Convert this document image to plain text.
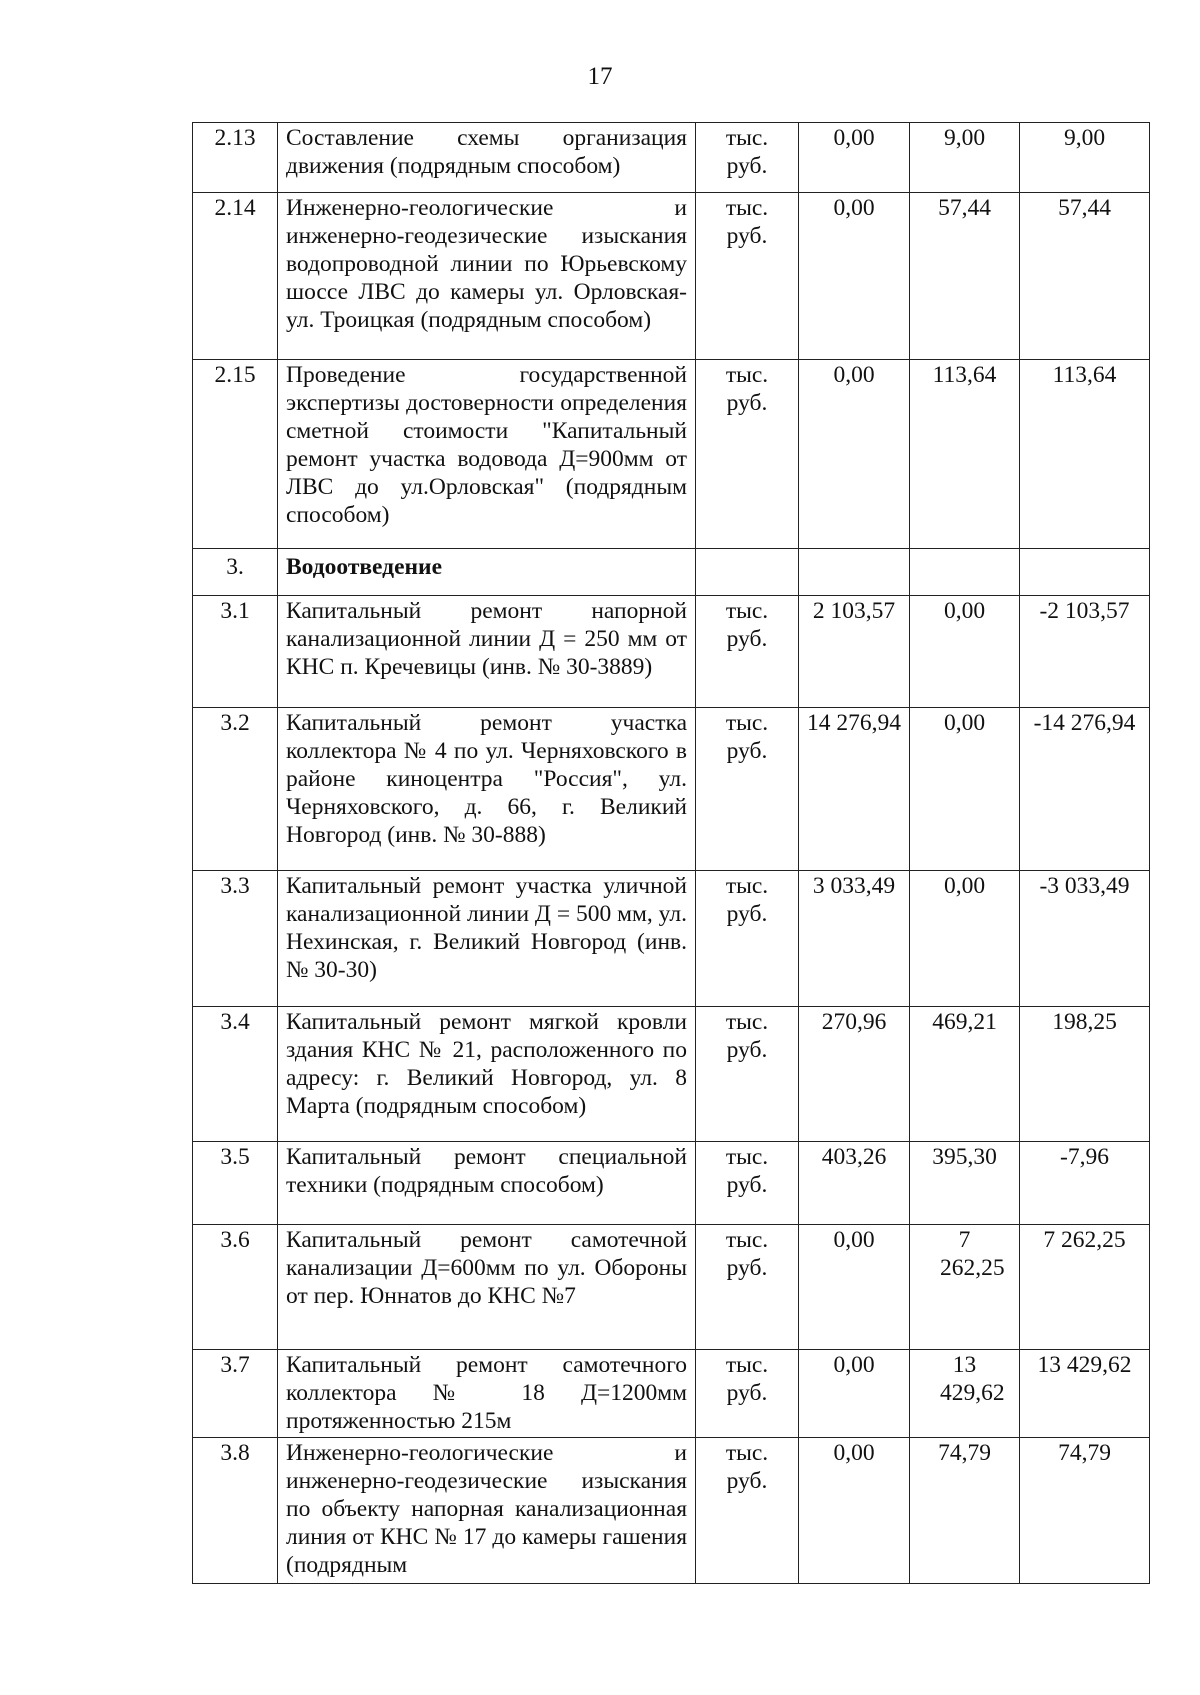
17
2.13	Составление схемы организация движения (подрядным способом)	тыс. руб.	0,00	9,00	9,00
2.14	Инженерно-геологические и инженерно-геодезические изыскания водопроводной линии по Юрьевскому шоссе ЛВС до камеры ул. Орловская-ул. Троицкая (подрядным способом)	тыс. руб.	0,00	57,44	57,44
2.15	Проведение государственной экспертизы достоверности определения сметной стоимости "Капитальный ремонт участка водовода Д=900мм от ЛВС до ул.Орловская" (подрядным способом)	тыс. руб.	0,00	113,64	113,64
3.	Водоотведение				
3.1	Капитальный ремонт напорной канализационной линии Д = 250 мм от КНС п. Кречевицы (инв. № 30-3889)	тыс. руб.	2 103,57	0,00	-2 103,57
3.2	Капитальный ремонт участка коллектора № 4 по ул. Черняховского в районе киноцентра "Россия", ул. Черняховского, д. 66, г. Великий Новгород (инв. № 30-888)	тыс. руб.	14 276,94	0,00	-14 276,94
3.3	Капитальный ремонт участка уличной канализационной линии Д = 500 мм, ул. Нехинская, г. Великий Новгород (инв. № 30-30)	тыс. руб.	3 033,49	0,00	-3 033,49
3.4	Капитальный ремонт мягкой кровли здания КНС № 21, расположенного по адресу: г. Великий Новгород, ул. 8 Марта (подрядным способом)	тыс. руб.	270,96	469,21	198,25
3.5	Капитальный ремонт специальной техники (подрядным способом)	тыс. руб.	403,26	395,30	-7,96
3.6	Капитальный ремонт самотечной канализации Д=600мм по ул. Обороны от пер. Юннатов до КНС №7	тыс. руб.	0,00	7 262,25	7 262,25
3.7	Капитальный ремонт самотечного коллектора № 18 Д=1200мм протяженностью 215м	тыс. руб.	0,00	13 429,62	13 429,62
3.8	Инженерно-геологические и инженерно-геодезические изыскания по объекту напорная канализационная линия от КНС № 17 до камеры гашения (подрядным	тыс. руб.	0,00	74,79	74,79
